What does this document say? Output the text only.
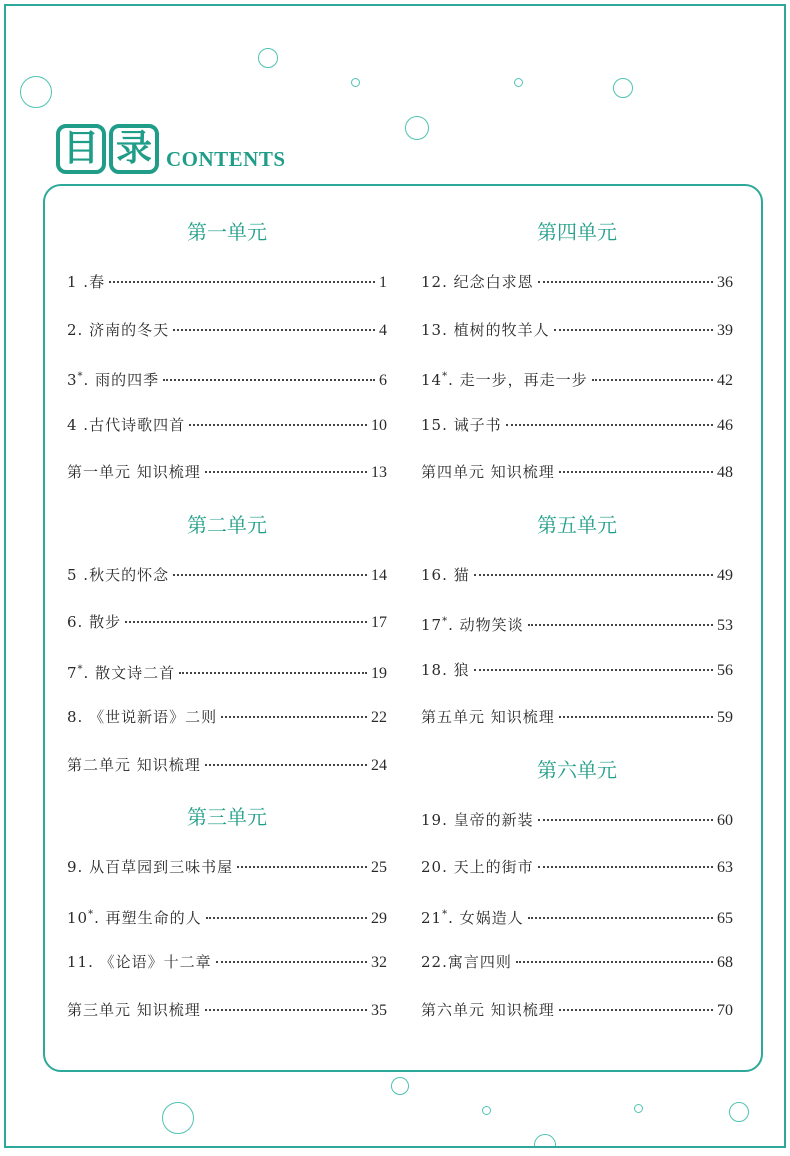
目 录 CONTENTS
第一单元
1 .春	1
2. 济南的冬天	4
3*. 雨的四季	6
4 .古代诗歌四首	10
第一单元 知识梳理	13
第二单元
5 .秋天的怀念	14
6. 散步	17
7*. 散文诗二首	19
8. 《世说新语》二则	22
第二单元 知识梳理	24
第三单元
9. 从百草园到三味书屋	25
10*. 再塑生命的人	29
11. 《论语》十二章	32
第三单元 知识梳理	35
第四单元
12. 纪念白求恩	36
13. 植树的牧羊人	39
14*. 走一步，再走一步	42
15. 诫子书	46
第四单元 知识梳理	48
第五单元
16. 猫	49
17*. 动物笑谈	53
18. 狼	56
第五单元 知识梳理	59
第六单元
19. 皇帝的新装	60
20. 天上的街市	63
21*. 女娲造人	65
22.寓言四则	68
第六单元 知识梳理	70
